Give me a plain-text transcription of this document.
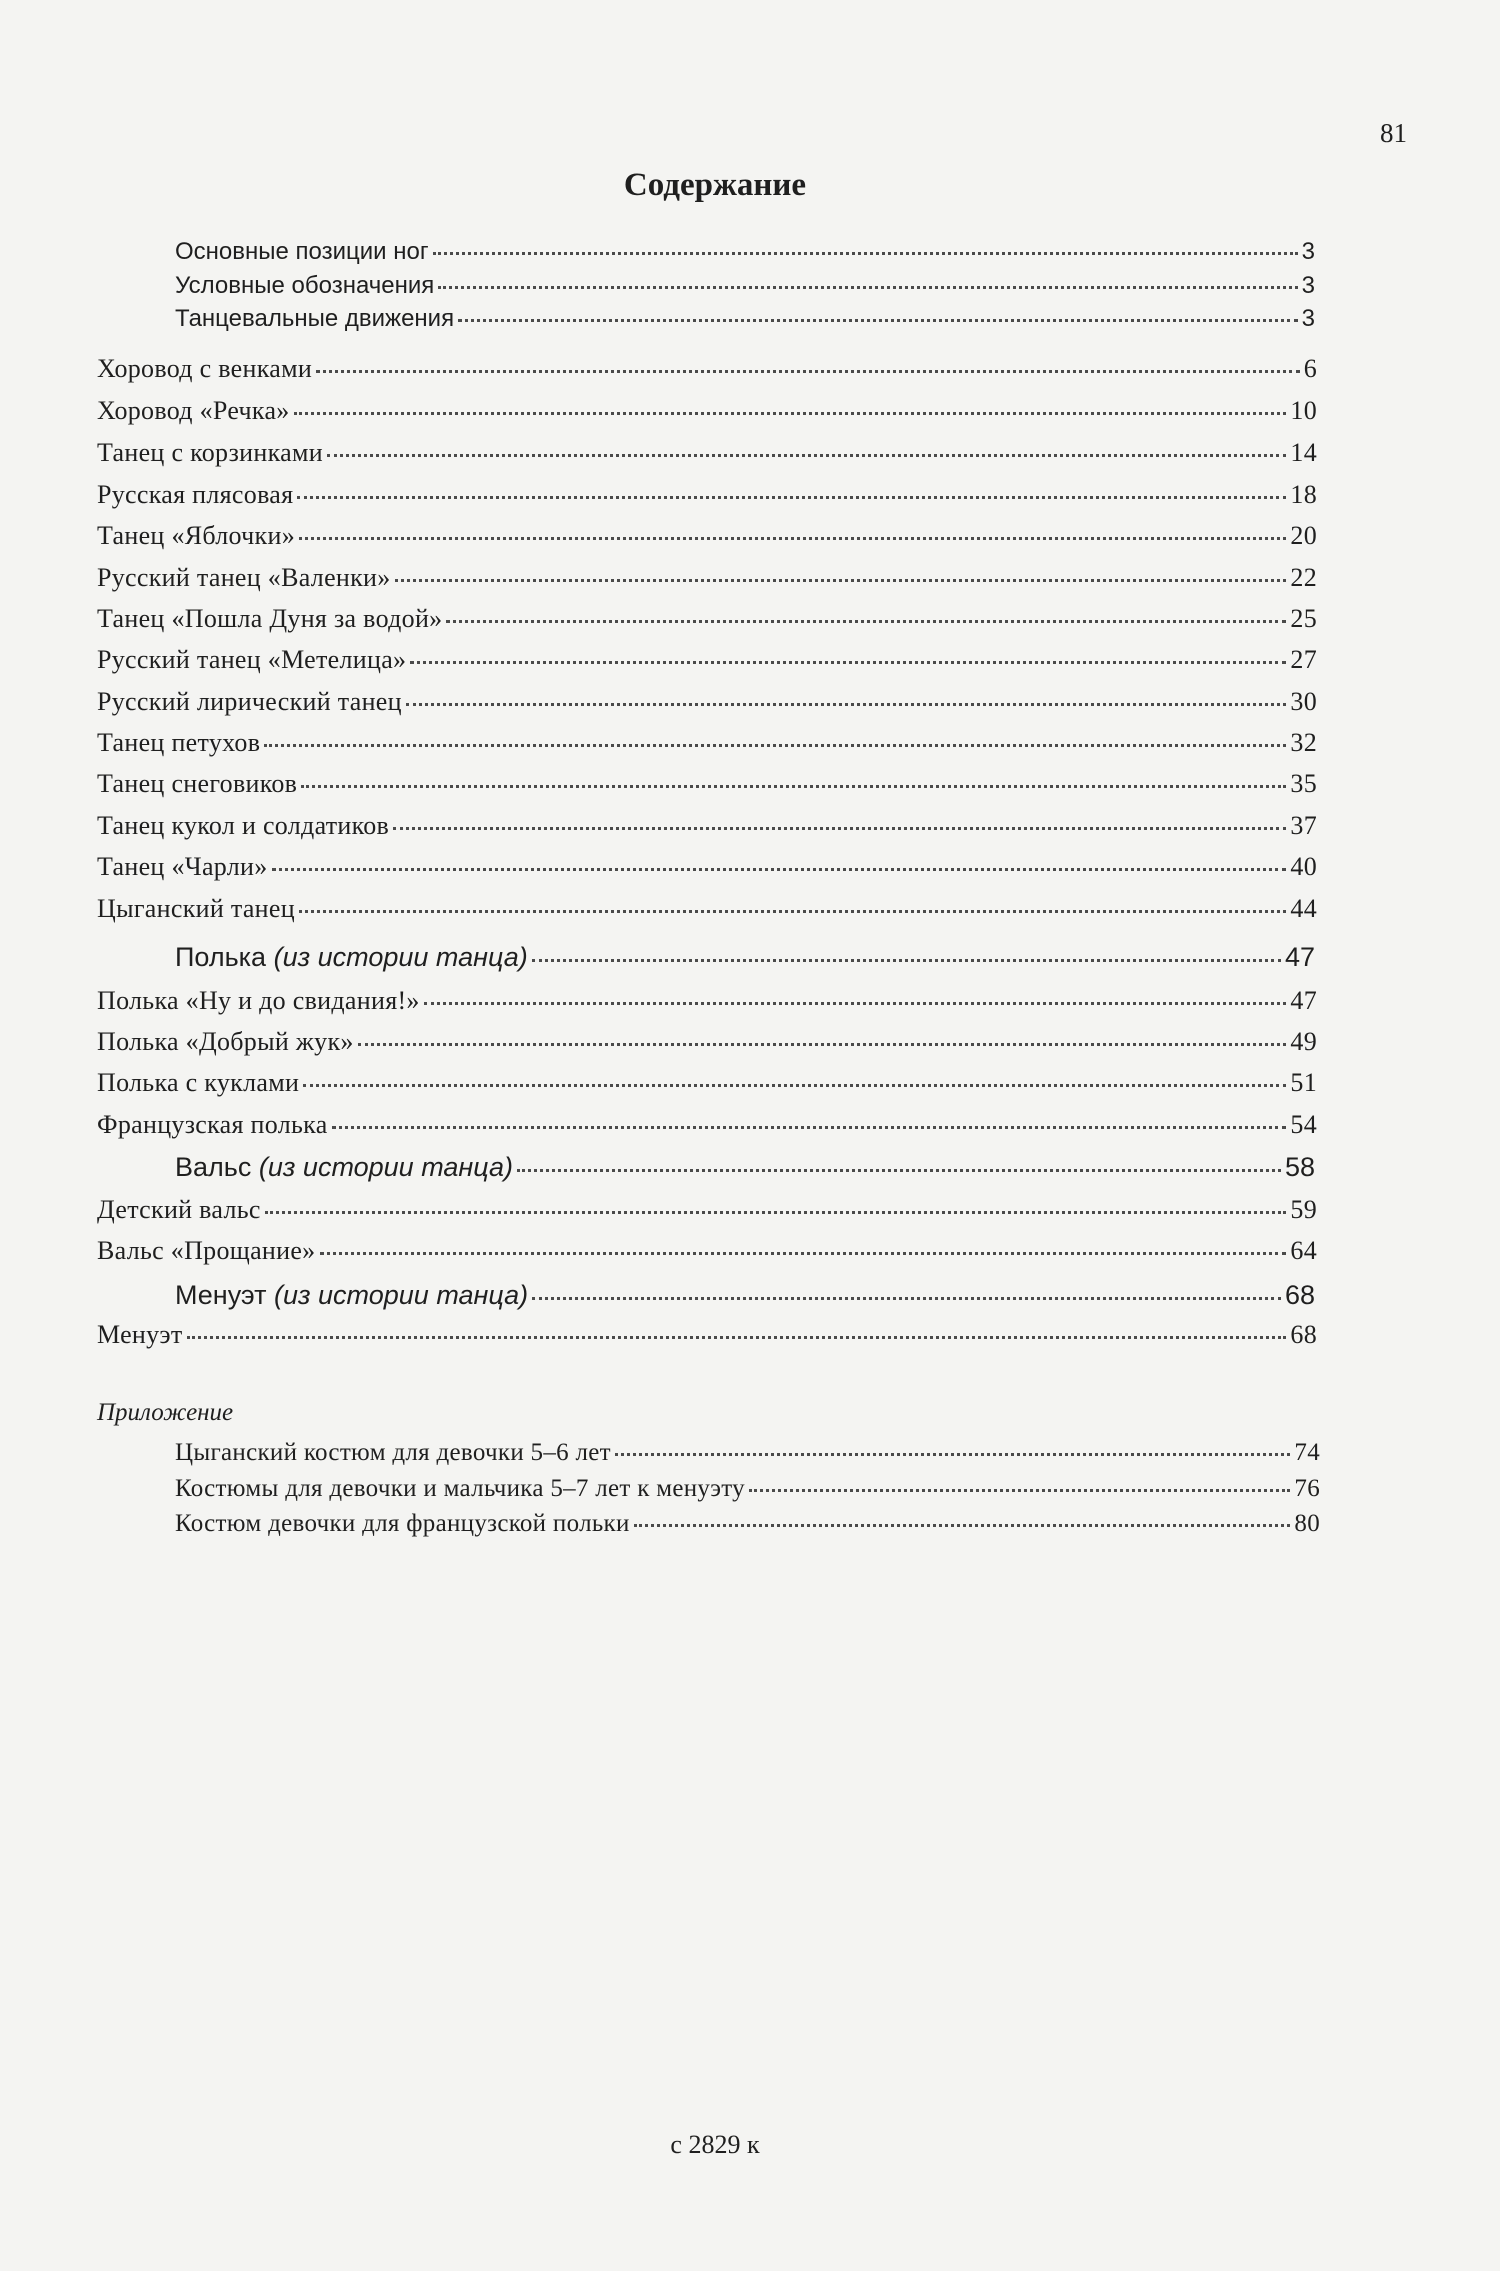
81
Содержание
Основные позиции ног	3
Условные обозначения	3
Танцевальные движения	3
Хоровод с венками	6
Хоровод «Речка»	10
Танец с корзинками	14
Русская плясовая	18
Танец «Яблочки»	20
Русский танец «Валенки»	22
Танец «Пошла Дуня за водой»	25
Русский танец «Метелица»	27
Русский лирический танец	30
Танец петухов	32
Танец снеговиков	35
Танец кукол и солдатиков	37
Танец «Чарли»	40
Цыганский танец	44
Полька (из истории танца)	47
Полька «Ну и до свидания!»	47
Полька «Добрый жук»	49
Полька с куклами	51
Французская полька	54
Вальс (из истории танца)	58
Детский вальс	59
Вальс «Прощание»	64
Менуэт (из истории танца)	68
Менуэт	68
Приложение
Цыганский костюм для девочки 5–6 лет	74
Костюмы для девочки и мальчика 5–7 лет к менуэту	76
Костюм девочки для французской польки	80
с 2829 к
